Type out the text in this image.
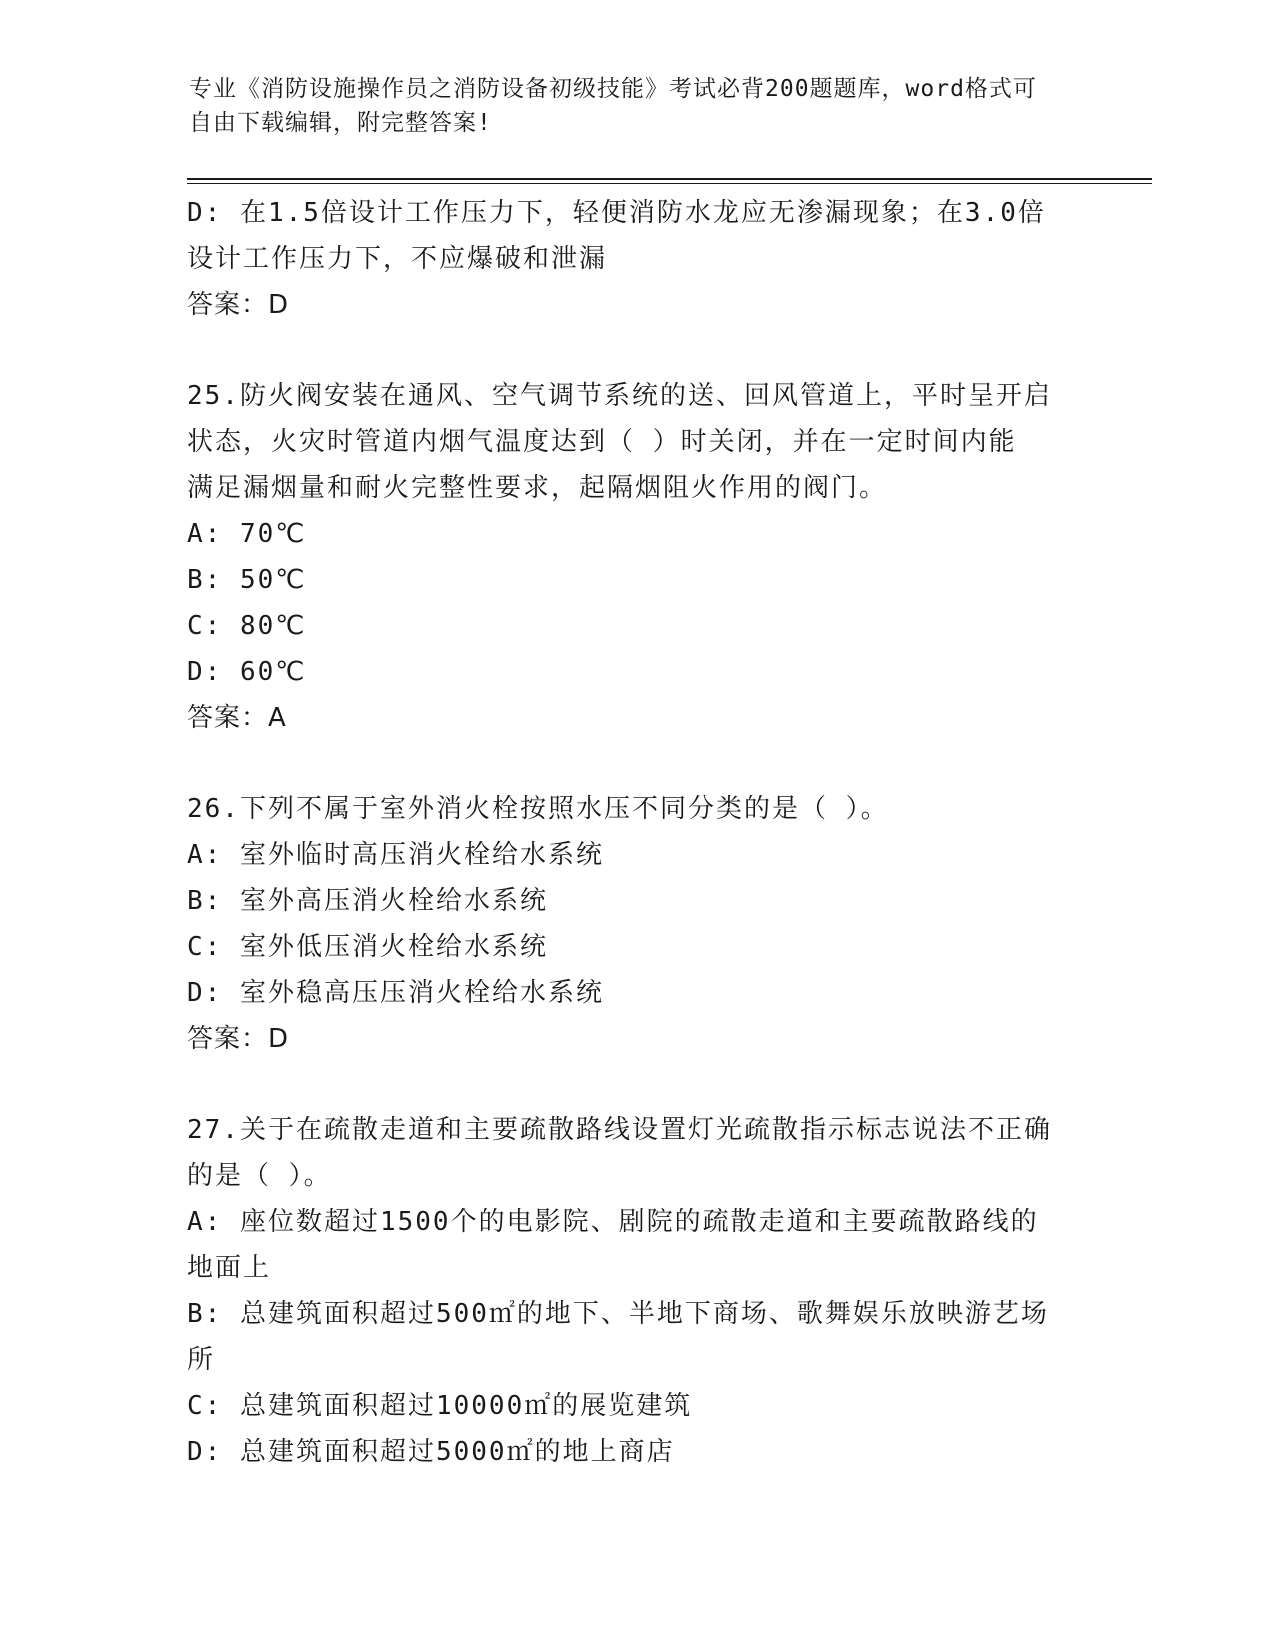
专业《消防设施操作员之消防设备初级技能》考试必背200题题库，word格式可
自由下载编辑，附完整答案!
D: 在1.5倍设计工作压力下，轻便消防水龙应无渗漏现象；在3.0倍
设计工作压力下，不应爆破和泄漏
答案：D
25.防火阀安装在通风、空气调节系统的送、回风管道上，平时呈开启
状态，火灾时管道内烟气温度达到（ ）时关闭，并在一定时间内能
满足漏烟量和耐火完整性要求，起隔烟阻火作用的阀门。
A: 70℃
B: 50℃
C: 80℃
D: 60℃
答案：A
26.下列不属于室外消火栓按照水压不同分类的是（ ）。
A: 室外临时高压消火栓给水系统
B: 室外高压消火栓给水系统
C: 室外低压消火栓给水系统
D: 室外稳高压压消火栓给水系统
答案：D
27.关于在疏散走道和主要疏散路线设置灯光疏散指示标志说法不正确
的是（ ）。
A: 座位数超过1500个的电影院、剧院的疏散走道和主要疏散路线的
地面上
B: 总建筑面积超过500㎡的地下、半地下商场、歌舞娱乐放映游艺场
所
C: 总建筑面积超过10000㎡的展览建筑
D: 总建筑面积超过5000㎡的地上商店
